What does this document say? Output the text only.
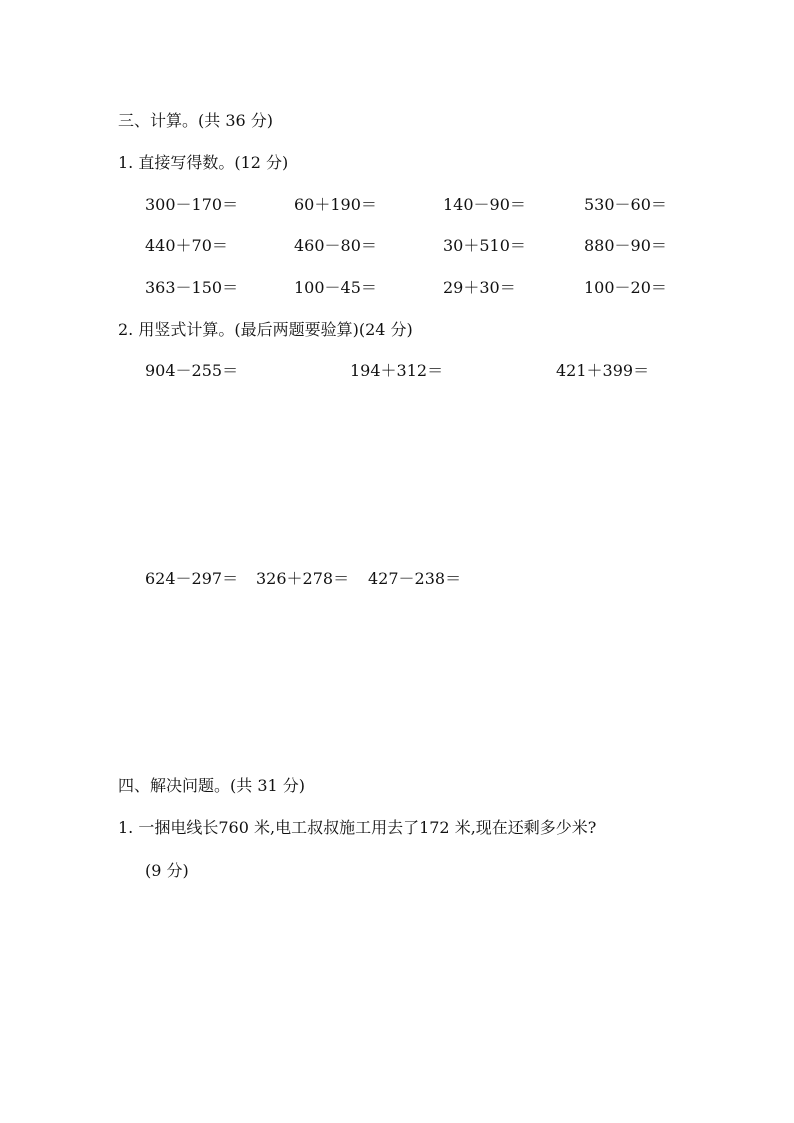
三、计算。(共 36 分)
1. 直接写得数。(12 分)
300－170＝	60＋190＝	140－90＝	530－60＝
440＋70＝	460－80＝	30＋510＝	880－90＝
363－150＝	100－45＝	29＋30＝	100－20＝
2. 用竖式计算。(最后两题要验算)(24 分)
904－255＝	194＋312＝	421＋399＝
624－297＝ 326＋278＝ 427－238＝
四、解决问题。(共 31 分)
1. 一捆电线长760 米,电工叔叔施工用去了172 米,现在还剩多少米?
(9 分)
